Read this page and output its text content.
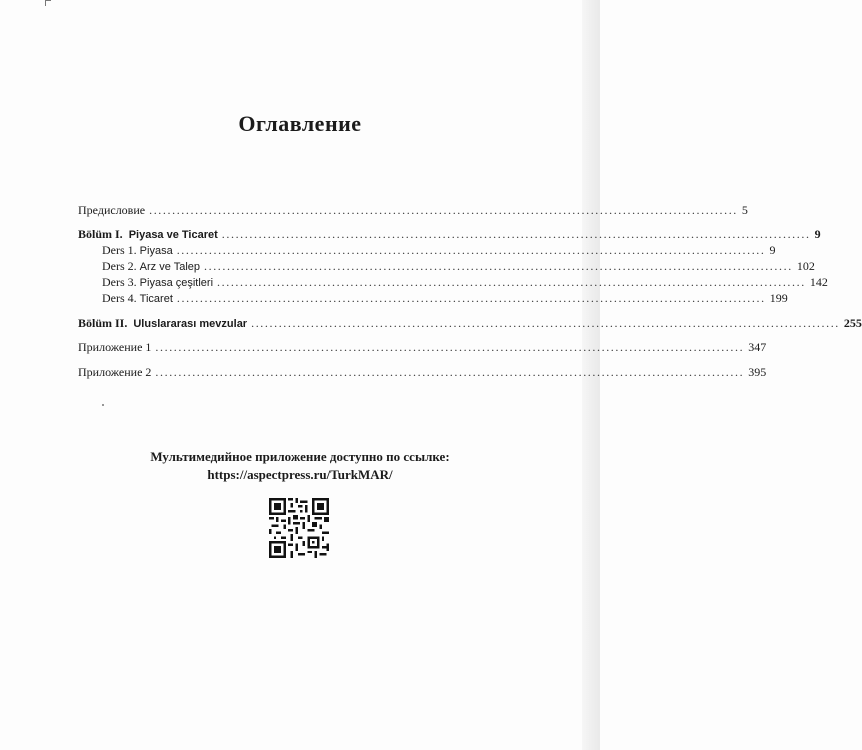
Оглавление
Предисловие ................................................................................................................................ 5
Bölüm I. Piyasa ve Ticaret ................................................................................................................................ 9
Ders 1. Piyasa ................................................................................................................................ 9
Ders 2. Arz ve Talep ................................................................................................................................ 102
Ders 3. Piyasa çeşitleri ................................................................................................................................ 142
Ders 4. Ticaret ................................................................................................................................ 199
Bölüm II. Uluslararası mevzular ................................................................................................................................ 255
Приложение 1 ................................................................................................................................ 347
Приложение 2 ................................................................................................................................ 395
Мультимедийное приложение доступно по ссылке:
https://aspectpress.ru/TurkMAR/
